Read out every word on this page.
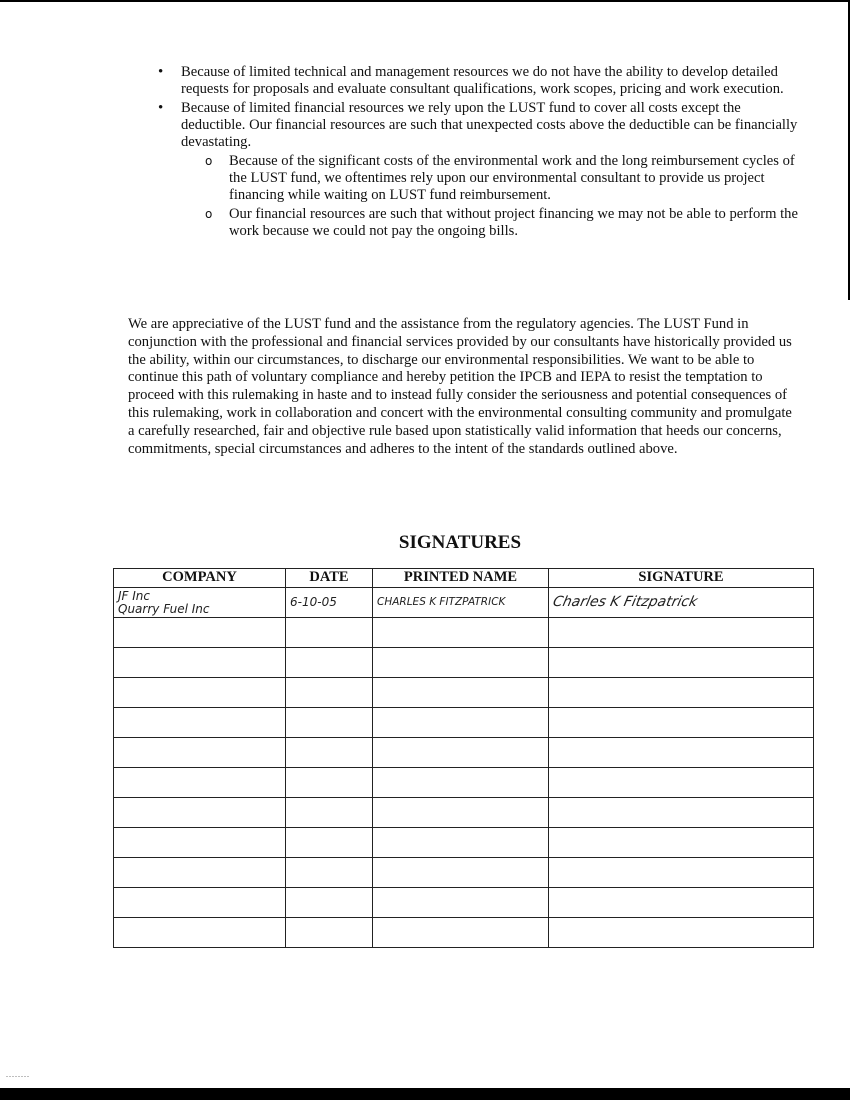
• Because of limited technical and management resources we do not have the ability to develop detailed requests for proposals and evaluate consultant qualifications, work scopes, pricing and work execution.
• Because of limited financial resources we rely upon the LUST fund to cover all costs except the deductible. Our financial resources are such that unexpected costs above the deductible can be financially devastating.
o Because of the significant costs of the environmental work and the long reimbursement cycles of the LUST fund, we oftentimes rely upon our environmental consultant to provide us project financing while waiting on LUST fund reimbursement.
o Our financial resources are such that without project financing we may not be able to perform the work because we could not pay the ongoing bills.

We are appreciative of the LUST fund and the assistance from the regulatory agencies. The LUST Fund in conjunction with the professional and financial services provided by our consultants have historically provided us the ability, within our circumstances, to discharge our environmental responsibilities. We want to be able to continue this path of voluntary compliance and hereby petition the IPCB and IEPA to resist the temptation to proceed with this rulemaking in haste and to instead fully consider the seriousness and potential consequences of this rulemaking, work in collaboration and concert with the environmental consulting community and promulgate a carefully researched, fair and objective rule based upon statistically valid information that heeds our concerns, commitments, special circumstances and adheres to the intent of the standards outlined above.

SIGNATURES
COMPANY	DATE	PRINTED NAME	SIGNATURE

JF Inc
Quarry Fuel Inc	6-10-05	CHARLES K FITZPATRICK	Charles K Fitzpatrick

........
